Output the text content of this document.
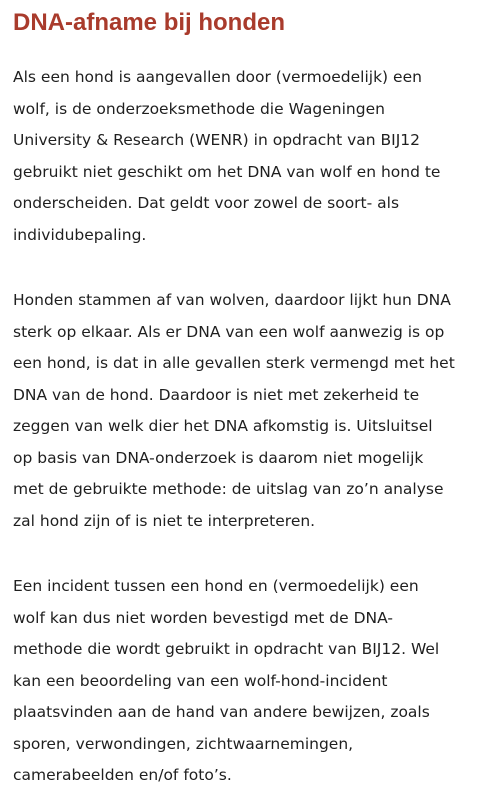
DNA-afname bij honden

Als een hond is aangevallen door (vermoedelijk) een
wolf, is de onderzoeksmethode die Wageningen
University & Research (WENR) in opdracht van BIJ12
gebruikt niet geschikt om het DNA van wolf en hond te
onderscheiden. Dat geldt voor zowel de soort- als
individubepaling.

Honden stammen af van wolven, daardoor lijkt hun DNA
sterk op elkaar. Als er DNA van een wolf aanwezig is op
een hond, is dat in alle gevallen sterk vermengd met het
DNA van de hond. Daardoor is niet met zekerheid te
zeggen van welk dier het DNA afkomstig is. Uitsluitsel
op basis van DNA-onderzoek is daarom niet mogelijk
met de gebruikte methode: de uitslag van zo’n analyse
zal hond zijn of is niet te interpreteren.

Een incident tussen een hond en (vermoedelijk) een
wolf kan dus niet worden bevestigd met de DNA-
methode die wordt gebruikt in opdracht van BIJ12. Wel
kan een beoordeling van een wolf-hond-incident
plaatsvinden aan de hand van andere bewijzen, zoals
sporen, verwondingen, zichtwaarnemingen,
camerabeelden en/of foto’s.
